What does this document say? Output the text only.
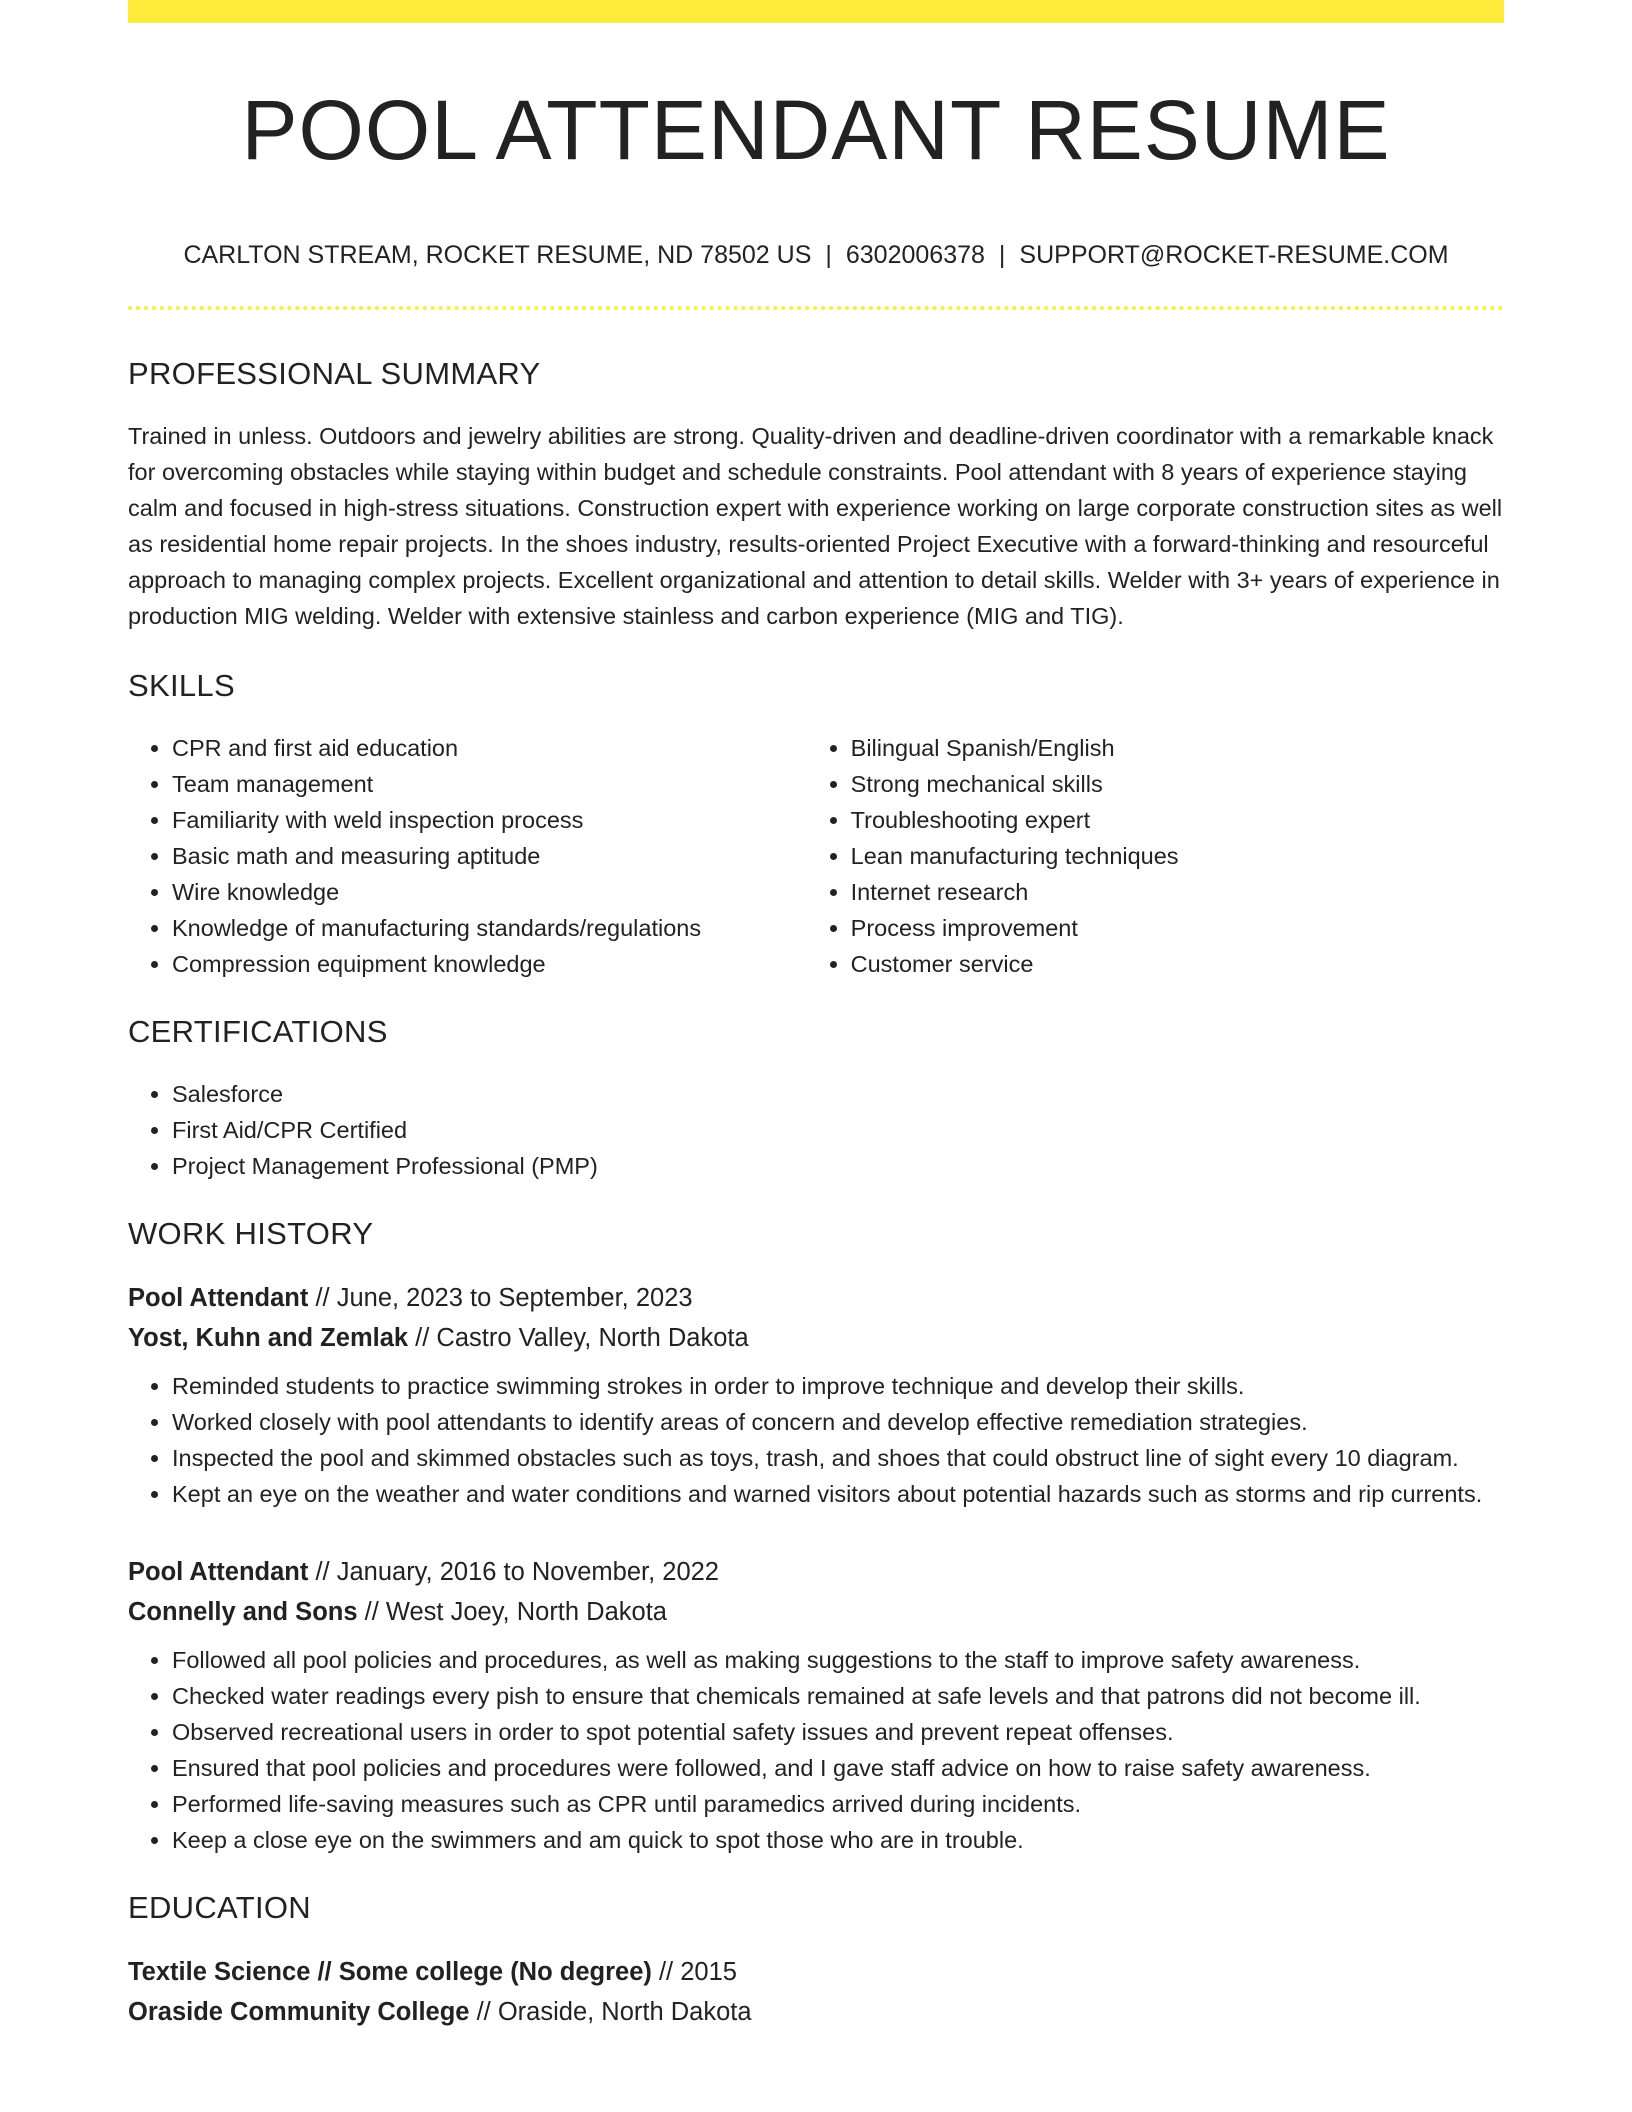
POOL ATTENDANT RESUME
CARLTON STREAM, ROCKET RESUME, ND 78502 US | 6302006378 | SUPPORT@ROCKET-RESUME.COM
PROFESSIONAL SUMMARY

Trained in unless. Outdoors and jewelry abilities are strong. Quality-driven and deadline-driven coordinator with a remarkable knack for overcoming obstacles while staying within budget and schedule constraints. Pool attendant with 8 years of experience staying calm and focused in high-stress situations. Construction expert with experience working on large corporate construction sites as well as residential home repair projects. In the shoes industry, results-oriented Project Executive with a forward-thinking and resourceful approach to managing complex projects. Excellent organizational and attention to detail skills. Welder with 3+ years of experience in production MIG welding. Welder with extensive stainless and carbon experience (MIG and TIG).

SKILLS
• CPR and first aid education
• Team management
• Familiarity with weld inspection process
• Basic math and measuring aptitude
• Wire knowledge
• Knowledge of manufacturing standards/regulations
• Compression equipment knowledge
• Bilingual Spanish/English
• Strong mechanical skills
• Troubleshooting expert
• Lean manufacturing techniques
• Internet research
• Process improvement
• Customer service
CERTIFICATIONS
• Salesforce
• First Aid/CPR Certified
• Project Management Professional (PMP)
WORK HISTORY
Pool Attendant // June, 2023 to September, 2023
Yost, Kuhn and Zemlak // Castro Valley, North Dakota
• Reminded students to practice swimming strokes in order to improve technique and develop their skills.
• Worked closely with pool attendants to identify areas of concern and develop effective remediation strategies.
• Inspected the pool and skimmed obstacles such as toys, trash, and shoes that could obstruct line of sight every 10 diagram.
• Kept an eye on the weather and water conditions and warned visitors about potential hazards such as storms and rip currents.
Pool Attendant // January, 2016 to November, 2022
Connelly and Sons // West Joey, North Dakota
• Followed all pool policies and procedures, as well as making suggestions to the staff to improve safety awareness.
• Checked water readings every pish to ensure that chemicals remained at safe levels and that patrons did not become ill.
• Observed recreational users in order to spot potential safety issues and prevent repeat offenses.
• Ensured that pool policies and procedures were followed, and I gave staff advice on how to raise safety awareness.
• Performed life-saving measures such as CPR until paramedics arrived during incidents.
• Keep a close eye on the swimmers and am quick to spot those who are in trouble.
EDUCATION
Textile Science // Some college (No degree) // 2015
Oraside Community College // Oraside, North Dakota
